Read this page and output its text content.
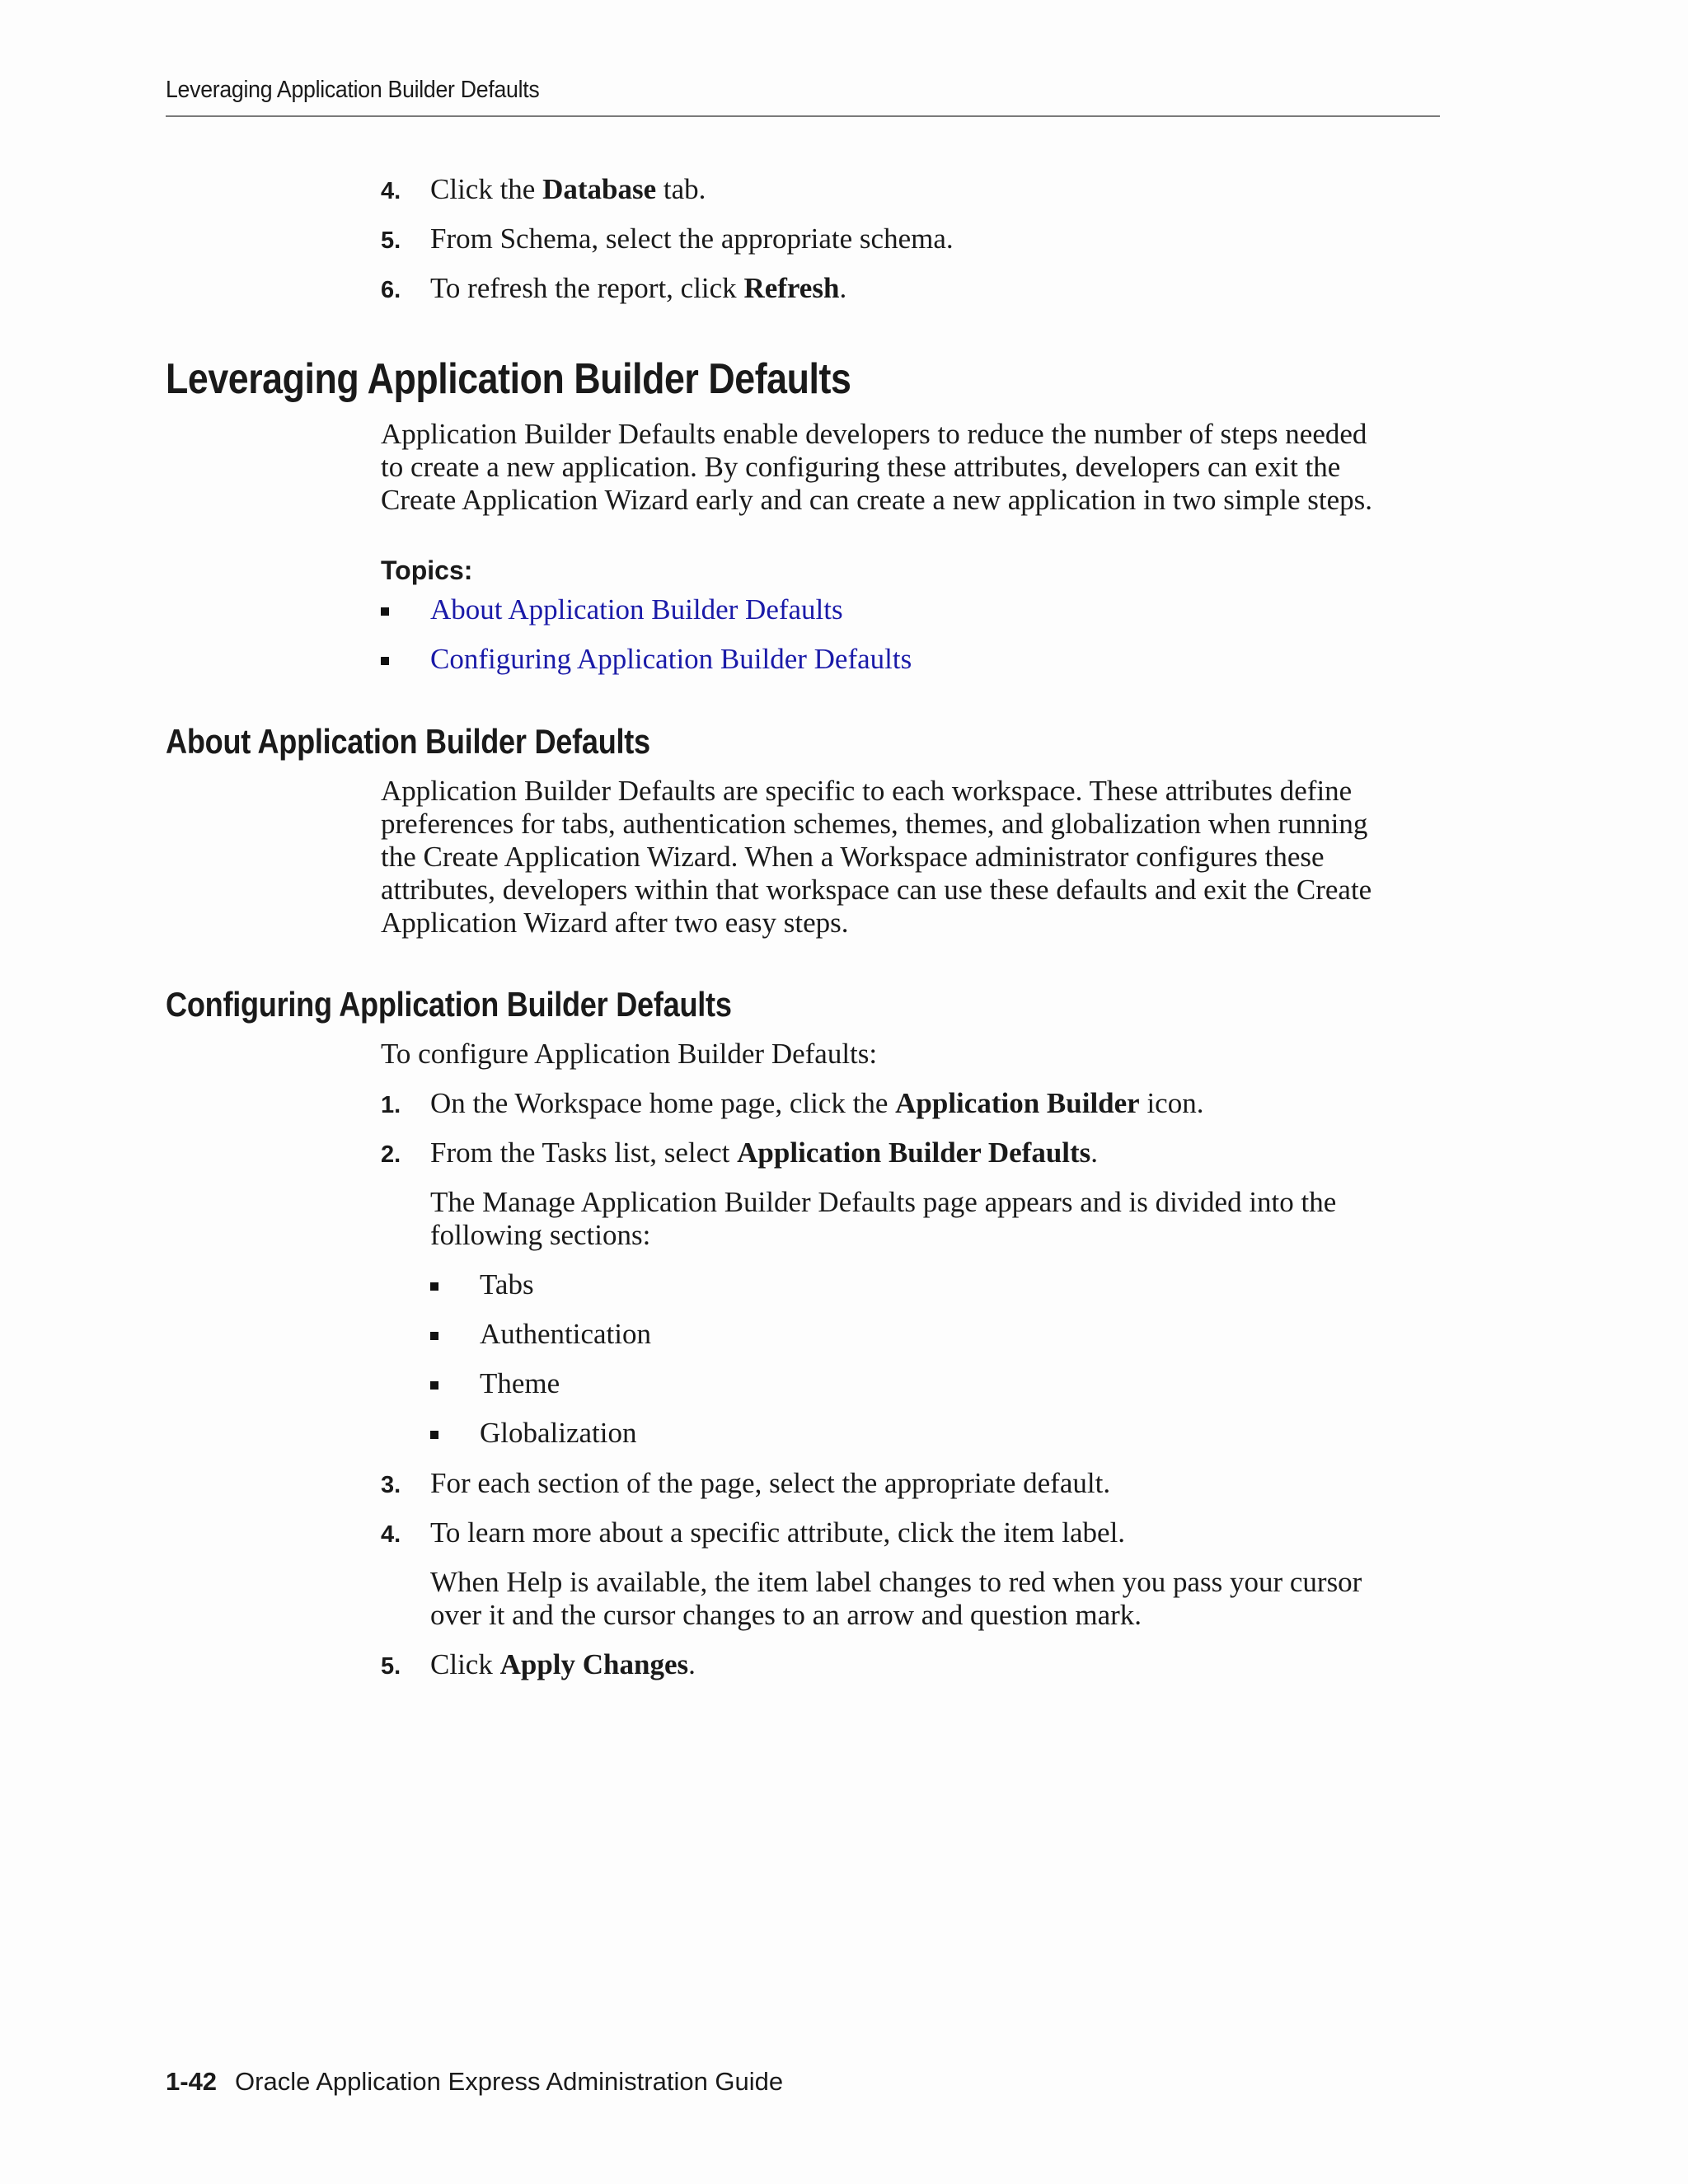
Leveraging Application Builder Defaults
4.	Click the Database tab.
5.	From Schema, select the appropriate schema.
6.	To refresh the report, click Refresh.
Leveraging Application Builder Defaults
Application Builder Defaults enable developers to reduce the number of steps needed
to create a new application. By configuring these attributes, developers can exit the
Create Application Wizard early and can create a new application in two simple steps.
Topics:
About Application Builder Defaults
Configuring Application Builder Defaults
About Application Builder Defaults
Application Builder Defaults are specific to each workspace. These attributes define
preferences for tabs, authentication schemes, themes, and globalization when running
the Create Application Wizard. When a Workspace administrator configures these
attributes, developers within that workspace can use these defaults and exit the Create
Application Wizard after two easy steps.
Configuring Application Builder Defaults
To configure Application Builder Defaults:
1.	On the Workspace home page, click the Application Builder icon.
2.	From the Tasks list, select Application Builder Defaults.
The Manage Application Builder Defaults page appears and is divided into the
following sections:
Tabs
Authentication
Theme
Globalization
3.	For each section of the page, select the appropriate default.
4.	To learn more about a specific attribute, click the item label.
When Help is available, the item label changes to red when you pass your cursor
over it and the cursor changes to an arrow and question mark.
5.	Click Apply Changes.
1-42 Oracle Application Express Administration Guide
